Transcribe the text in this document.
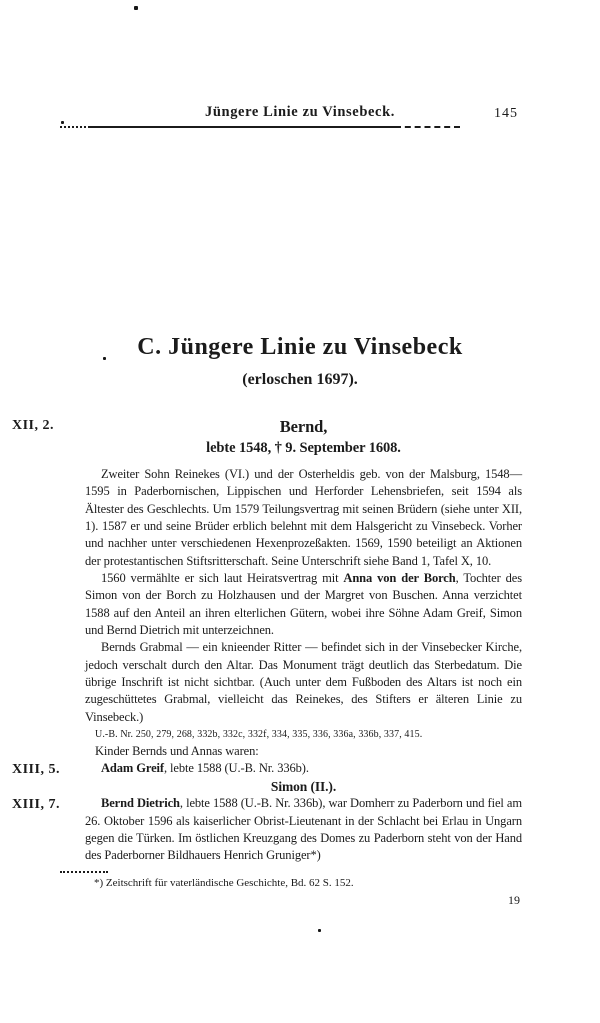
Jüngere Linie zu Vinsebeck.	145
C. Jüngere Linie zu Vinsebeck
(erloschen 1697).
XII, 2.	Bernd,

lebte 1548, † 9. September 1608.

Zweiter Sohn Reinekes (VI.) und der Osterheldis geb. von der Malsburg, 1548—1595 in Paderbornischen, Lippischen und Herforder Lehensbriefen, seit 1594 als Ältester des Geschlechts. Um 1579 Teilungsvertrag mit seinen Brüdern (siehe unter XII, 1). 1587 er und seine Brüder erblich belehnt mit dem Halsgericht zu Vinsebeck. Vorher und nachher unter verschiedenen Hexenprozeßakten. 1569, 1590 beteiligt an Aktionen der protestantischen Stiftsritterschaft. Seine Unterschrift siehe Band 1, Tafel X, 10.

1560 vermählte er sich laut Heiratsvertrag mit Anna von der Borch, Tochter des Simon von der Borch zu Holzhausen und der Margret von Buschen. Anna verzichtet 1588 auf den Anteil an ihren elterlichen Gütern, wobei ihre Söhne Adam Greif, Simon und Bernd Dietrich mit unterzeichnen.

Bernds Grabmal — ein knieender Ritter — befindet sich in der Vinsebecker Kirche, jedoch verschalt durch den Altar. Das Monument trägt deutlich das Sterbedatum. Die übrige Inschrift ist nicht sichtbar. (Auch unter dem Fußboden des Altars ist noch ein zugeschüttetes Grabmal, vielleicht das Reinekes, des Stifters er älteren Linie zu Vinsebeck.)

U.-B. Nr. 250, 279, 268, 332b, 332c, 332f, 334, 335, 336, 336a, 336b, 337, 415.

Kinder Bernds und Annas waren:

XIII, 5.	Adam Greif, lebte 1588 (U.-B. Nr. 336b).

Simon (II.).

XIII, 7.	Bernd Dietrich, lebte 1588 (U.-B. Nr. 336b), war Domherr zu Paderborn und fiel am 26. Oktober 1596 als kaiserlicher Obrist-Lieutenant in der Schlacht bei Erlau in Ungarn gegen die Türken. Im östlichen Kreuzgang des Domes zu Paderborn steht von der Hand des Paderborner Bildhauers Henrich Gruniger*)

*) Zeitschrift für vaterländische Geschichte, Bd. 62 S. 152.
19
